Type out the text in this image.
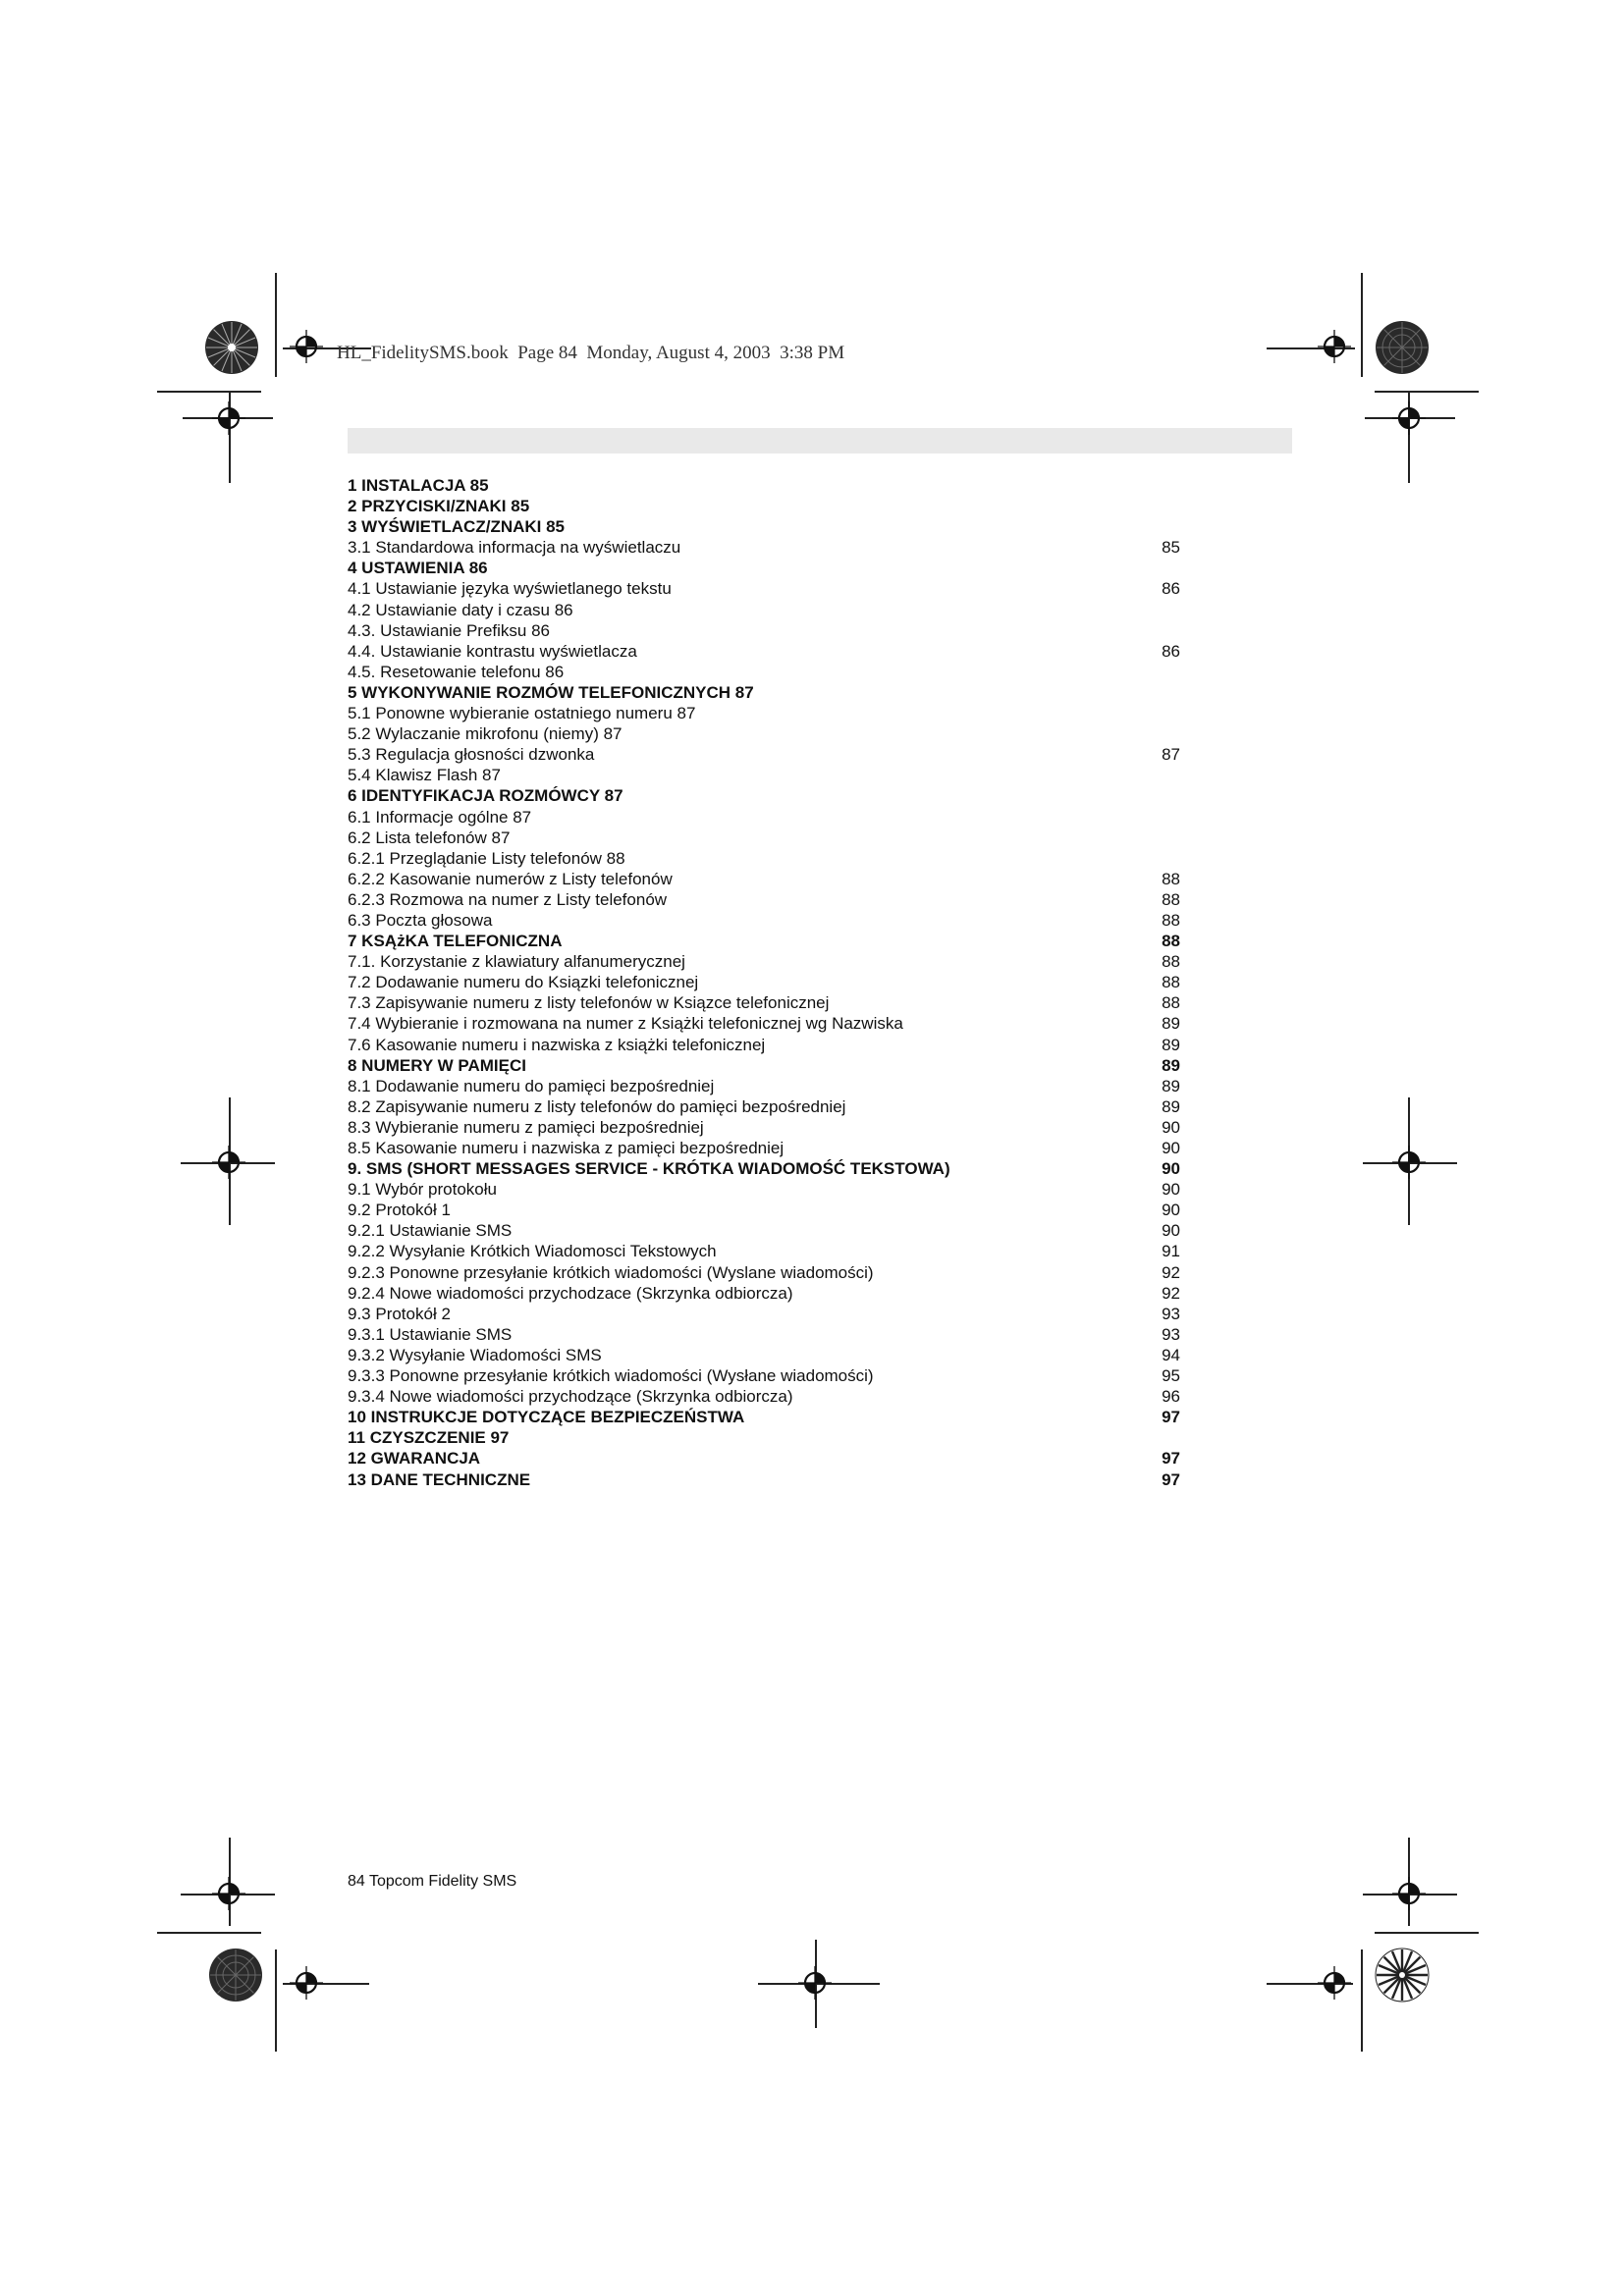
HL_FidelitySMS.book  Page 84  Monday, August 4, 2003  3:38 PM
1 INSTALACJA 85
2 PRZYCISKI/ZNAKI 85
3 WYŚWIETLACZ/ZNAKI 85
3.1 Standardowa informacja na wyświetlaczu	85
4 USTAWIENIA 86
4.1 Ustawianie języka wyświetlanego tekstu	86
4.2 Ustawianie daty i czasu 86
4.3. Ustawianie Prefiksu 86
4.4. Ustawianie kontrastu wyświetlacza	86
4.5. Resetowanie telefonu 86
5 WYKONYWANIE ROZMÓW TELEFONICZNYCH 87
5.1 Ponowne wybieranie ostatniego numeru 87
5.2 Wylaczanie mikrofonu (niemy) 87
5.3 Regulacja głosności dzwonka	87
5.4 Klawisz Flash 87
6 IDENTYFIKACJA ROZMÓWCY 87
6.1 Informacje ogólne 87
6.2 Lista telefonów 87
6.2.1 Przeglądanie Listy telefonów 88
6.2.2 Kasowanie numerów z Listy telefonów	88
6.2.3 Rozmowa na numer z Listy telefonów	88
6.3 Poczta głosowa	88
7 KSĄżKA TELEFONICZNA	88
7.1. Korzystanie z klawiatury alfanumerycznej	88
7.2 Dodawanie numeru do Ksiązki telefonicznej	88
7.3 Zapisywanie numeru z listy telefonów w Ksiązce telefonicznej	88
7.4 Wybieranie i rozmowana na numer z Książki telefonicznej wg Nazwiska	89
7.6 Kasowanie numeru i nazwiska z książki telefonicznej	89
8 NUMERY W PAMIĘCI	89
8.1 Dodawanie numeru do pamięci bezpośredniej	89
8.2 Zapisywanie numeru z listy telefonów do pamięci bezpośredniej	89
8.3 Wybieranie numeru z pamięci bezpośredniej	90
8.5 Kasowanie numeru i nazwiska z pamięci bezpośredniej	90
9. SMS (SHORT MESSAGES SERVICE - KRÓTKA WIADOMOŚĆ TEKSTOWA)	90
9.1 Wybór protokołu	90
9.2 Protokół 1	90
9.2.1 Ustawianie SMS	90
9.2.2 Wysyłanie Krótkich Wiadomosci Tekstowych	91
9.2.3 Ponowne przesyłanie krótkich wiadomości (Wyslane wiadomości)	92
9.2.4 Nowe wiadomości przychodzace (Skrzynka odbiorcza)	92
9.3 Protokół 2	93
9.3.1 Ustawianie SMS	93
9.3.2 Wysyłanie Wiadomości SMS	94
9.3.3 Ponowne przesyłanie krótkich wiadomości (Wysłane wiadomości)	95
9.3.4 Nowe wiadomości przychodzące (Skrzynka odbiorcza)	96
10 INSTRUKCJE DOTYCZĄCE BEZPIECZEŃSTWA	97
11 CZYSZCZENIE 97
12 GWARANCJA	97
13 DANE TECHNICZNE	97
84 Topcom Fidelity SMS
